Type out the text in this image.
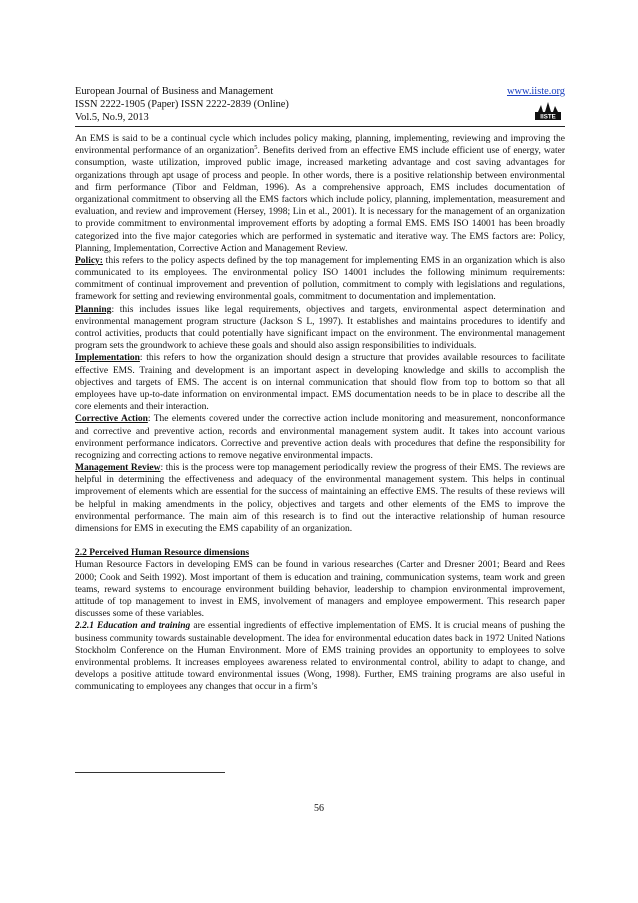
European Journal of Business and Management
ISSN 2222-1905 (Paper) ISSN 2222-2839 (Online)
Vol.5, No.9, 2013
www.iiste.org
IISTE

An EMS is said to be a continual cycle which includes policy making, planning, implementing, reviewing and improving the environmental performance of an organization$^5$. Benefits derived from an effective EMS include efficient use of energy, water consumption, waste utilization, improved public image, increased marketing advantage and cost saving advantages for organizations through apt usage of process and people. In other words, there is a positive relationship between environmental and firm performance (Tibor and Feldman, 1996). As a comprehensive approach, EMS includes documentation of organizational commitment to observing all the EMS factors which include policy, planning, implementation, measurement and evaluation, and review and improvement (Hersey, 1998; Lin et al., 2001). It is necessary for the management of an organization to provide commitment to environmental improvement efforts by adopting a formal EMS. EMS ISO 14001 has been broadly categorized into the five major categories which are performed in systematic and iterative way. The EMS factors are: Policy, Planning, Implementation, Corrective Action and Management Review.

Policy: this refers to the policy aspects defined by the top management for implementing EMS in an organization which is also communicated to its employees. The environmental policy ISO 14001 includes the following minimum requirements: commitment of continual improvement and prevention of pollution, commitment to comply with legislations and regulations, framework for setting and reviewing environmental goals, commitment to documentation and implementation.

Planning: this includes issues like legal requirements, objectives and targets, environmental aspect determination and environmental management program structure (Jackson S L, 1997). It establishes and maintains procedures to identify and control activities, products that could potentially have significant impact on the environment. The environmental management program sets the groundwork to achieve these goals and should also assign responsibilities to individuals.

Implementation: this refers to how the organization should design a structure that provides available resources to facilitate effective EMS. Training and development is an important aspect in developing knowledge and skills to accomplish the objectives and targets of EMS. The accent is on internal communication that should flow from top to bottom so that all employees have up-to-date information on environmental impact. EMS documentation needs to be in place to describe all the core elements and their interaction.

Corrective Action: The elements covered under the corrective action include monitoring and measurement, nonconformance and corrective and preventive action, records and environmental management system audit. It takes into account various environment performance indicators. Corrective and preventive action deals with procedures that define the responsibility for recognizing and correcting actions to remove negative environmental impacts.

Management Review: this is the process were top management periodically review the progress of their EMS. The reviews are helpful in determining the effectiveness and adequacy of the environmental management system. This helps in continual improvement of elements which are essential for the success of maintaining an effective EMS. The results of these reviews will be helpful in making amendments in the policy, objectives and targets and other elements of the EMS to improve the environmental performance. The main aim of this research is to find out the interactive relationship of human resource dimensions for EMS in executing the EMS capability of an organization.

2.2 Perceived Human Resource dimensions

Human Resource Factors in developing EMS can be found in various researches (Carter and Dresner 2001; Beard and Rees 2000; Cook and Seith 1992). Most important of them is education and training, communication systems, team work and green teams, reward systems to encourage environment building behavior, leadership to champion environmental improvement, attitude of top management to invest in EMS, involvement of managers and employee empowerment. This research paper discusses some of these variables.

2.2.1 Education and training are essential ingredients of effective implementation of EMS. It is crucial means of pushing the business community towards sustainable development. The idea for environmental education dates back in 1972 United Nations Stockholm Conference on the Human Environment. More of EMS training provides an opportunity to employees to solve environmental problems. It increases employees awareness related to environmental control, ability to adapt to change, and develops a positive attitude toward environmental issues (Wong, 1998). Further, EMS training programs are also useful in communicating to employees any changes that occur in a firm’s

56
